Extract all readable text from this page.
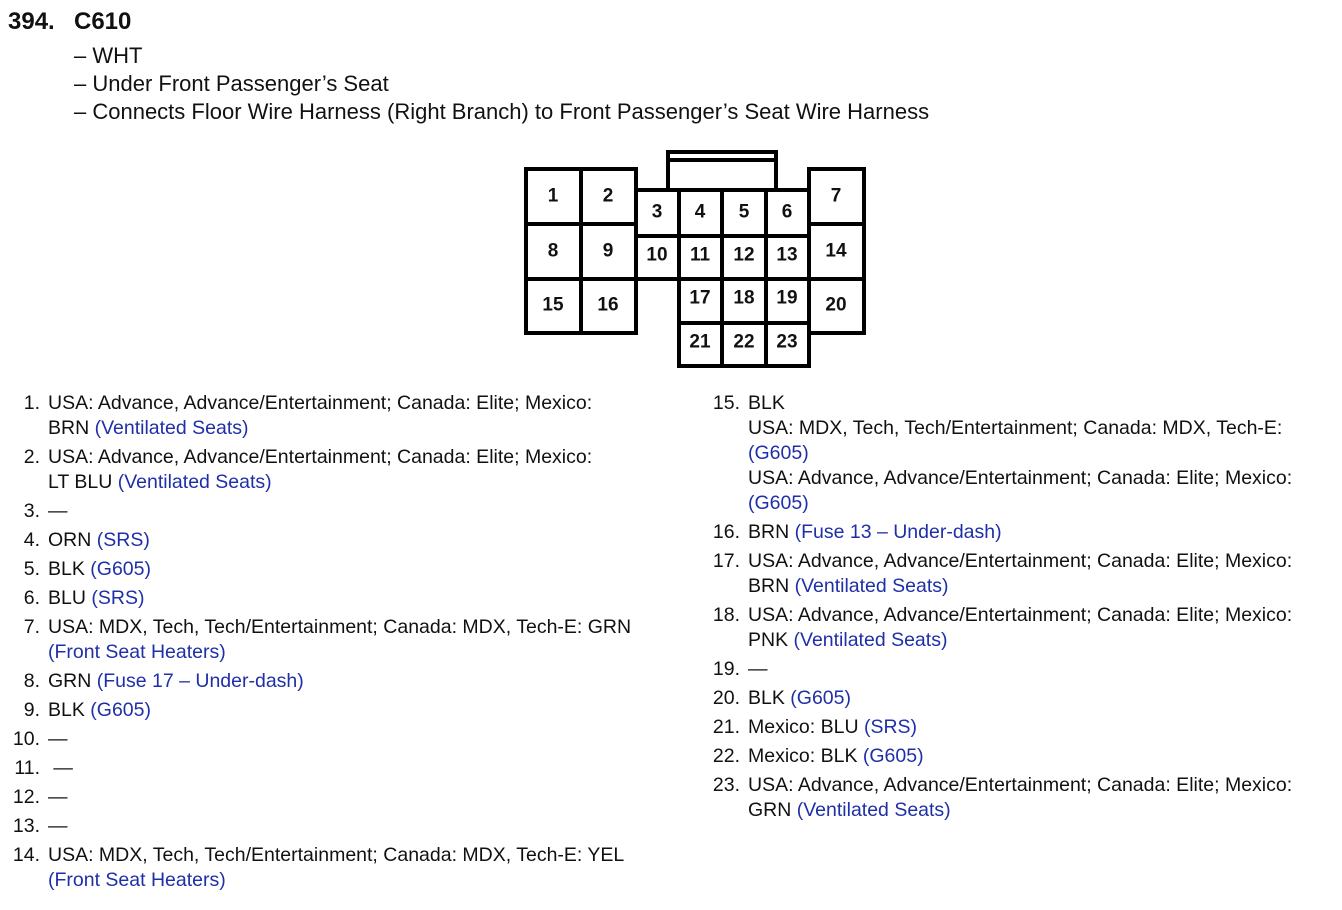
394. C610
– WHT
– Under Front Passenger’s Seat
– Connects Floor Wire Harness (Right Branch) to Front Passenger’s Seat Wire Harness
1 2
3 4 5 6
7
8 9 10 11 12 13 14
15 16	17 18 19 20
21 22 23
1. USA: Advance, Advance/Entertainment; Canada: Elite; Mexico:
BRN (Ventilated Seats)
2. USA: Advance, Advance/Entertainment; Canada: Elite; Mexico:
LT BLU (Ventilated Seats)
3. —
4. ORN (SRS)
5. BLK (G605)
6. BLU (SRS)
7. USA: MDX, Tech, Tech/Entertainment; Canada: MDX, Tech-E: GRN
(Front Seat Heaters)
8. GRN (Fuse 17 – Under-dash)
9. BLK (G605)
10. —
11. —
12. —
13. —
14. USA: MDX, Tech, Tech/Entertainment; Canada: MDX, Tech-E: YEL
(Front Seat Heaters)
15. BLK
USA: MDX, Tech, Tech/Entertainment; Canada: MDX, Tech-E:
(G605)
USA: Advance, Advance/Entertainment; Canada: Elite; Mexico:
(G605)
16. BRN (Fuse 13 – Under-dash)
17. USA: Advance, Advance/Entertainment; Canada: Elite; Mexico:
BRN (Ventilated Seats)
18. USA: Advance, Advance/Entertainment; Canada: Elite; Mexico:
PNK (Ventilated Seats)
19. —
20. BLK (G605)
21. Mexico: BLU (SRS)
22. Mexico: BLK (G605)
23. USA: Advance, Advance/Entertainment; Canada: Elite; Mexico:
GRN (Ventilated Seats)
